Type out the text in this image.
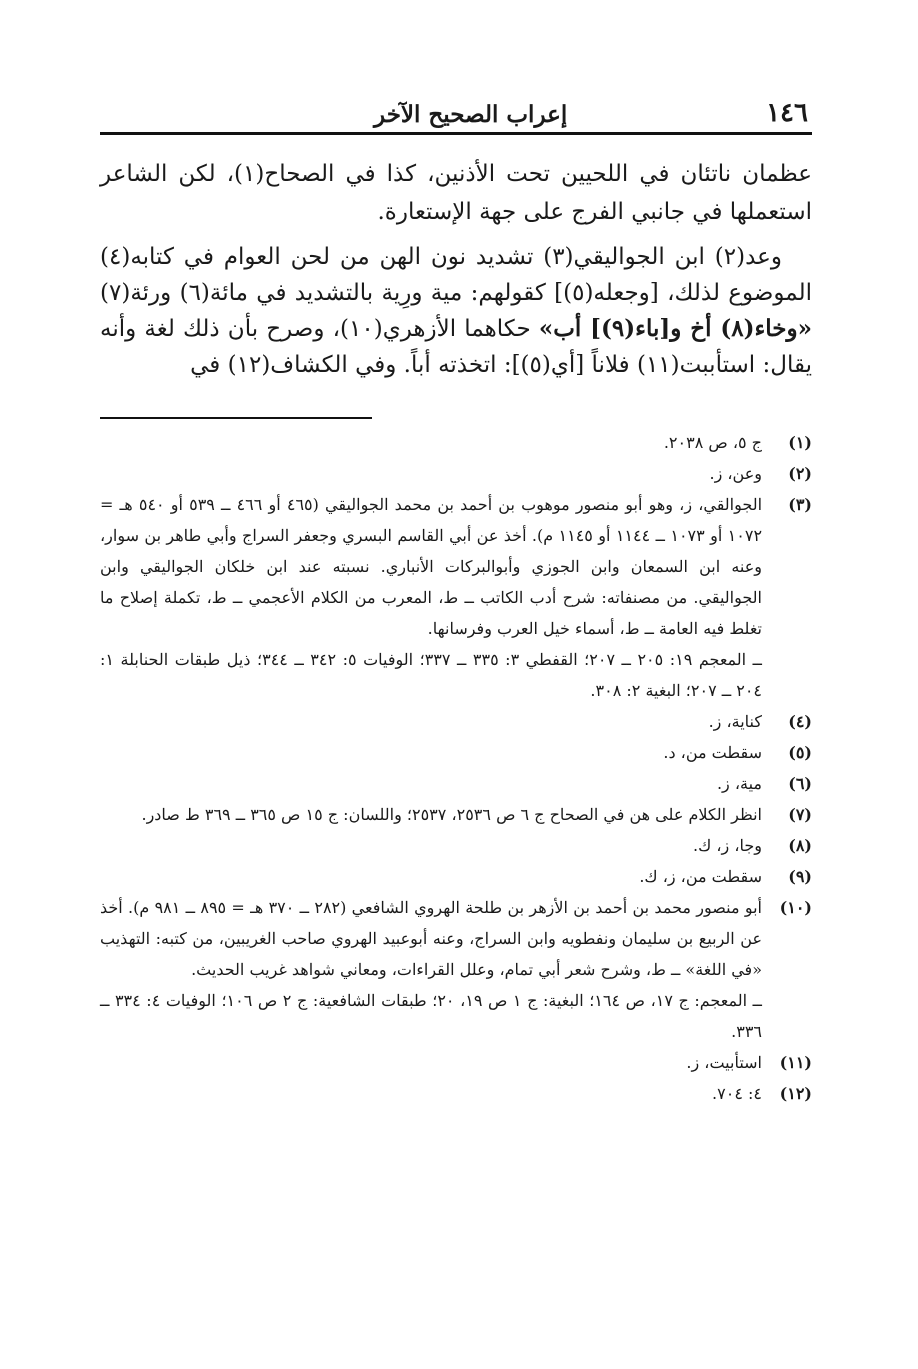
١٤٦
إعراب الصحيح الآخر

عظمان ناتئان في اللحيين تحت الأذنين، كذا في الصحاح(١)، لكن الشاعر استعملها في جانبي الفرج على جهة الإستعارة.

وعد(٢) ابن الجواليقي(٣) تشديد نون الهن من لحن العوام في كتابه(٤) الموضوع لذلك، [وجعله(٥)] كقولهم: مية ورِية بالتشديد في مائة(٦) ورئة(٧) «وخاء(٨) أخ و[باء(٩)] أب» حكاهما الأزهري(١٠)، وصرح بأن ذلك لغة وأنه يقال: استأببت(١١) فلاناً [أي(٥)]: اتخذته أباً. وفي الكشاف(١٢) في

(١)
ج ٥، ص ٢٠٣٨.
(٢)
وعن، ز.
(٣)
الجوالقي، ز، وهو أبو منصور موهوب بن أحمد بن محمد الجواليقي (٤٦٥ أو ٤٦٦ ــ ٥٣٩ أو ٥٤٠ هـ = ١٠٧٢ أو ١٠٧٣ ــ ١١٤٤ أو ١١٤٥ م). أخذ عن أبي القاسم البسري وجعفر السراج وأبي طاهر بن سوار، وعنه ابن السمعان وابن الجوزي وأبوالبركات الأنباري. نسبته عند ابن خلكان الجواليقي وابن الجواليقي. من مصنفاته: شرح أدب الكاتب ــ ط، المعرب من الكلام الأعجمي ــ ط، تكملة إصلاح ما تغلط فيه العامة ــ ط، أسماء خيل العرب وفرسانها.
ــ المعجم ١٩: ٢٠٥ ــ ٢٠٧؛ القفطي ٣: ٣٣٥ ــ ٣٣٧؛ الوفيات ٥: ٣٤٢ ــ ٣٤٤؛ ذيل طبقات الحنابلة ١: ٢٠٤ ــ ٢٠٧؛ البغية ٢: ٣٠٨.
(٤)
كناية، ز.
(٥)
سقطت من، د.
(٦)
مية، ز.
(٧)
انظر الكلام على هن في الصحاح ج ٦ ص ٢٥٣٦، ٢٥٣٧؛ واللسان: ج ١٥ ص ٣٦٥ ــ ٣٦٩ ط صادر.
(٨)
وجا، ز، ك.
(٩)
سقطت من، ز، ك.
(١٠)
أبو منصور محمد بن أحمد بن الأزهر بن طلحة الهروي الشافعي (٢٨٢ ــ ٣٧٠ هـ = ٨٩٥ ــ ٩٨١ م). أخذ عن الربيع بن سليمان ونفطويه وابن السراج، وعنه أبوعبيد الهروي صاحب الغريبين، من كتبه: التهذيب «في اللغة» ــ ط، وشرح شعر أبي تمام، وعلل القراءات، ومعاني شواهد غريب الحديث.
ــ المعجم: ج ١٧، ص ١٦٤؛ البغية: ج ١ ص ١٩، ٢٠؛ طبقات الشافعية: ج ٢ ص ١٠٦؛ الوفيات ٤: ٣٣٤ ــ ٣٣٦.
(١١)
استأبيت، ز.
(١٢)
٤: ٧٠٤.
